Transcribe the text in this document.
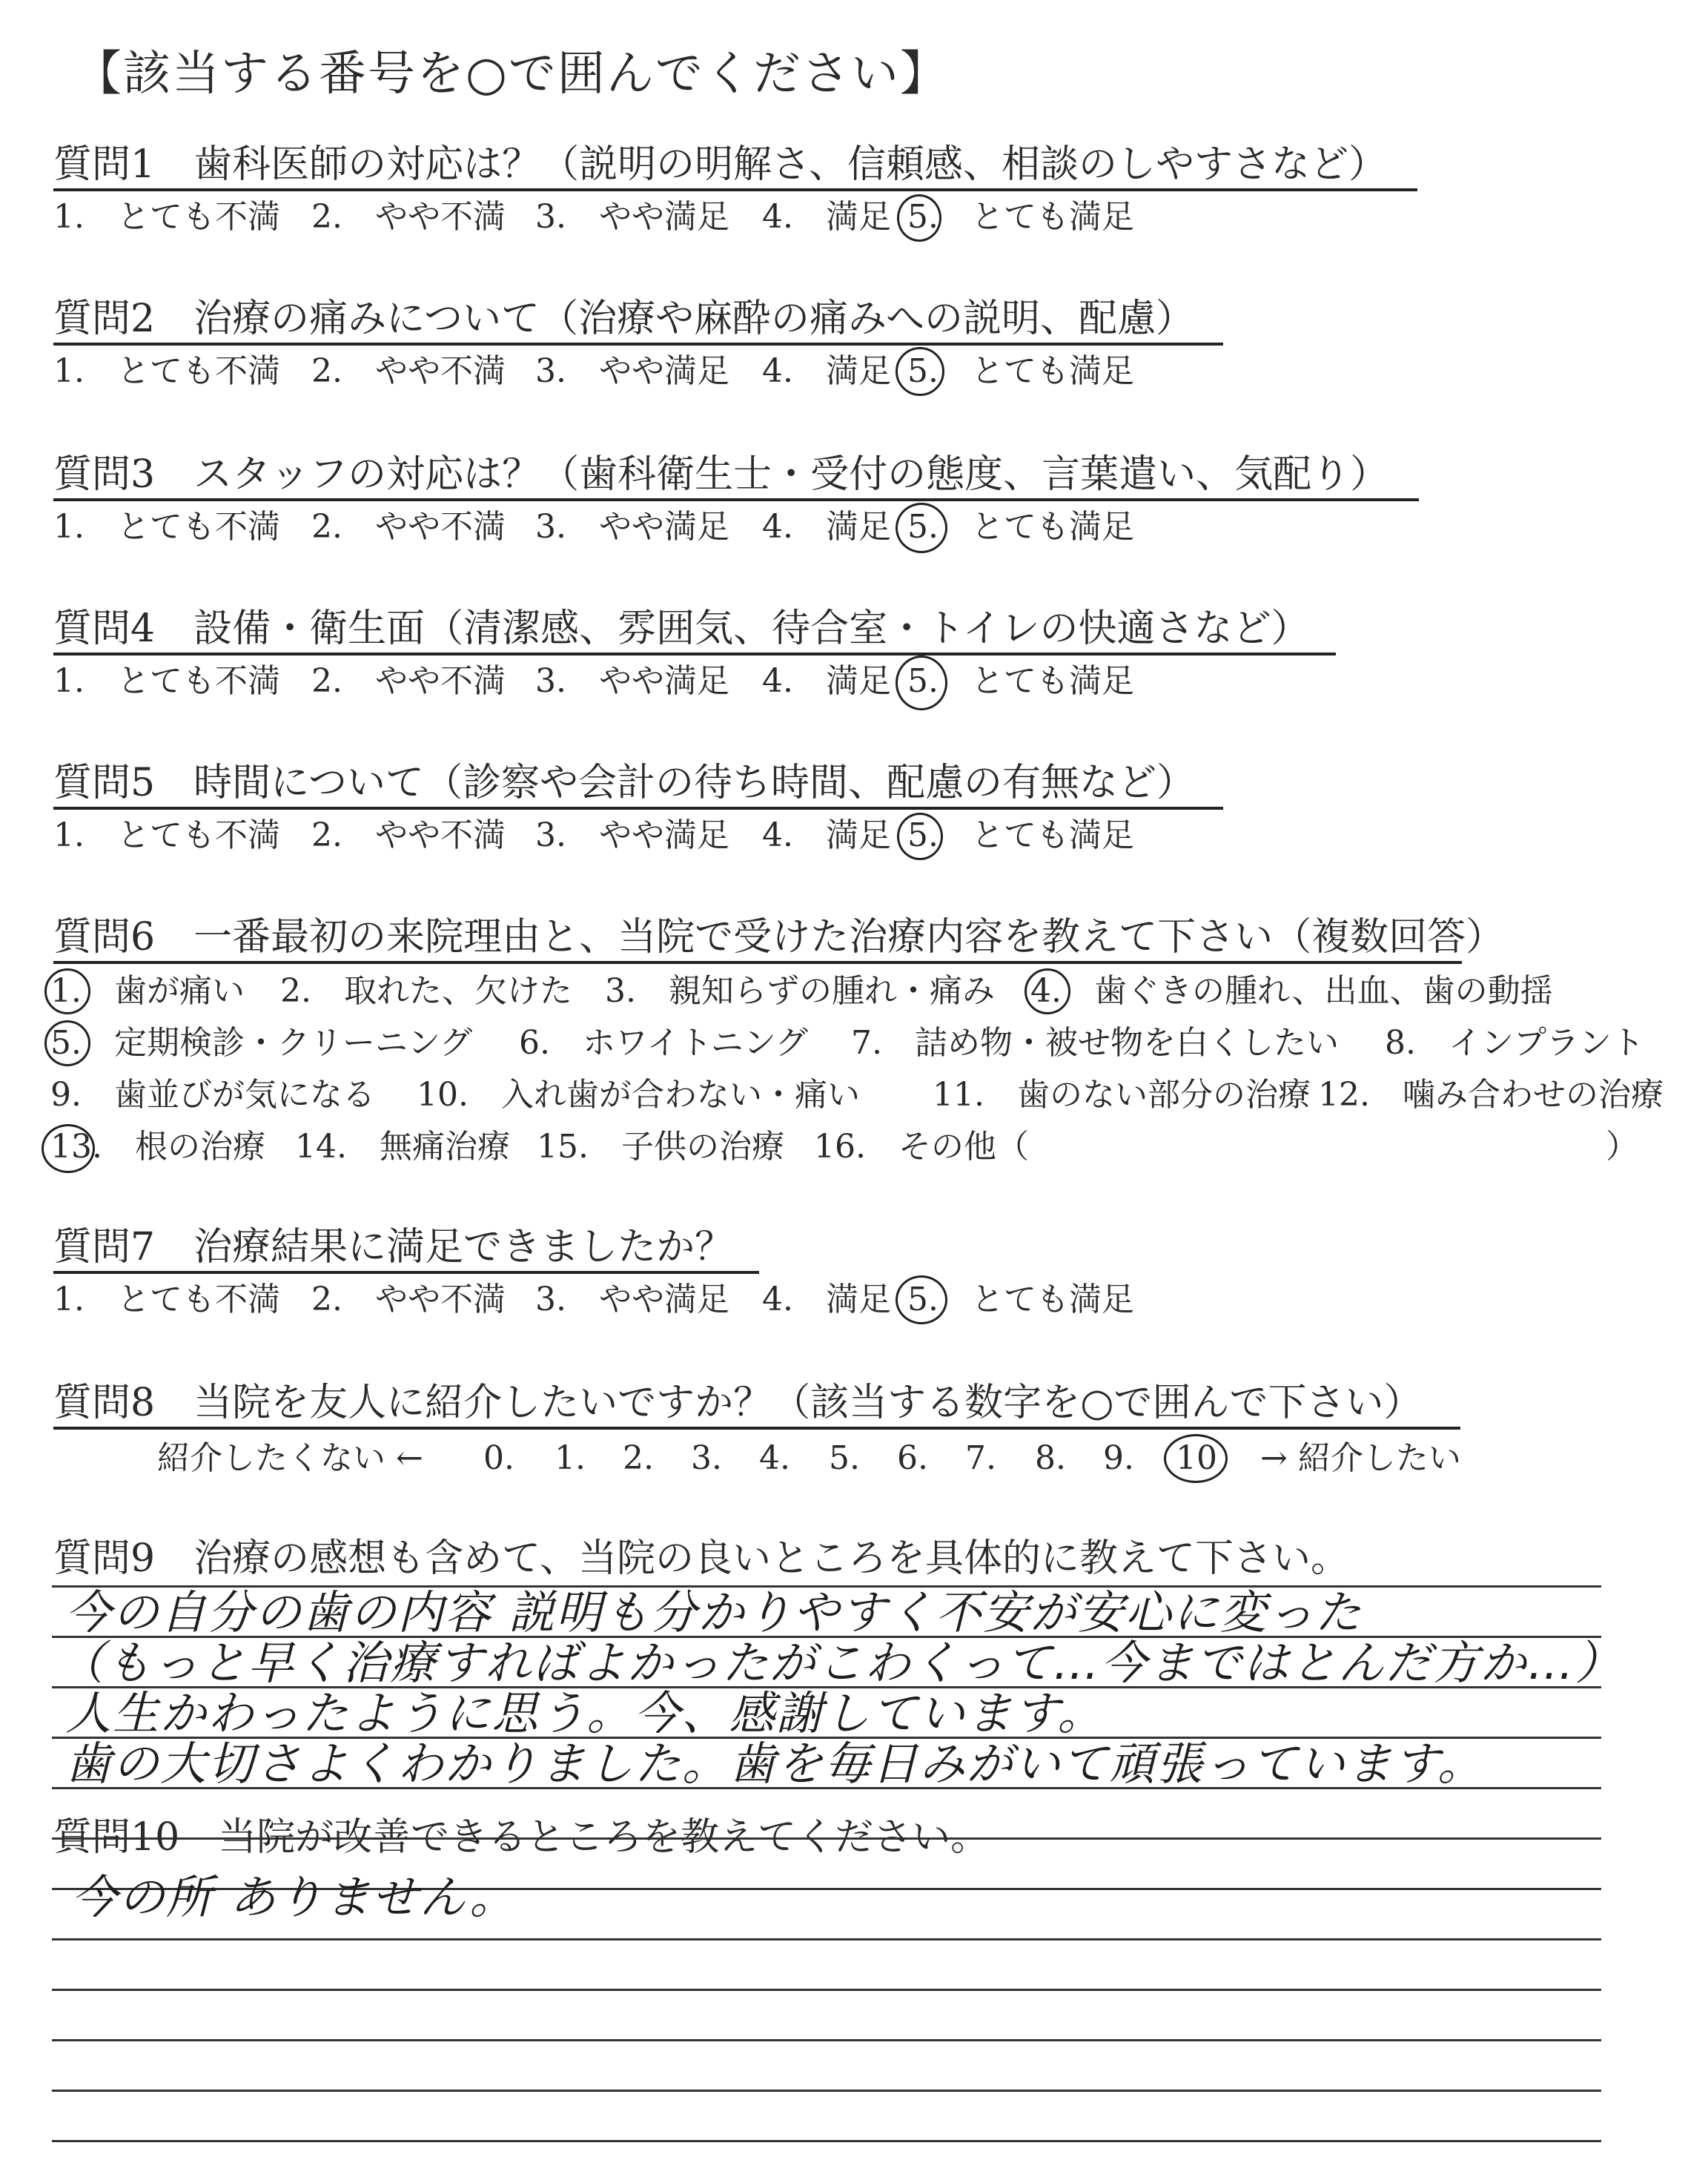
【該当する番号を○で囲んでください】
質問1　歯科医師の対応は？（説明の明解さ、信頼感、相談のしやすさなど）
1.　とても不満 2.　やや不満 3.　やや満足 4.　満足 5.　とても満足
質問2　治療の痛みについて（治療や麻酔の痛みへの説明、配慮）
1.　とても不満 2.　やや不満 3.　やや満足 4.　満足 5.　とても満足
質問3　スタッフの対応は？（歯科衛生士・受付の態度、言葉遣い、気配り）
1.　とても不満 2.　やや不満 3.　やや満足 4.　満足 5.　とても満足
質問4　設備・衛生面（清潔感、雰囲気、待合室・トイレの快適さなど）
1.　とても不満 2.　やや不満 3.　やや満足 4.　満足 5.　とても満足
質問5　時間について（診察や会計の待ち時間、配慮の有無など）
1.　とても不満 2.　やや不満 3.　やや満足 4.　満足 5.　とても満足
質問6　一番最初の来院理由と、当院で受けた治療内容を教えて下さい（複数回答）
1.　歯が痛い 2.　取れた、欠けた 3.　親知らずの腫れ・痛み 4.　歯ぐきの腫れ、出血、歯の動揺
5.　定期検診・クリーニング 6.　ホワイトニング 7.　詰め物・被せ物を白くしたい 8.　インプラント
9.　歯並びが気になる 10.　入れ歯が合わない・痛い 11.　歯のない部分の治療 12.　噛み合わせの治療
13.　根の治療 14.　無痛治療 15.　子供の治療 16.　その他（	）
質問7　治療結果に満足できましたか？
1.　とても不満 2.　やや不満 3.　やや満足 4.　満足 5.　とても満足
質問8　当院を友人に紹介したいですか？（該当する数字を○で囲んで下さい）
紹介したくない ← 0. 1. 2. 3. 4. 5. 6. 7. 8. 9. 10 → 紹介したい
質問9　治療の感想も含めて、当院の良いところを具体的に教えて下さい。
今の自分の歯の内容 説明も分かりやすく不安が安心に変った
（もっと早く治療すればよかったがこわくって…今まではとんだ方か…）
人生かわったように思う。今、感謝しています。
歯の大切さよくわかりました。歯を毎日みがいて頑張っています。
質問10　当院が改善できるところを教えてください。
今の所 ありません。
